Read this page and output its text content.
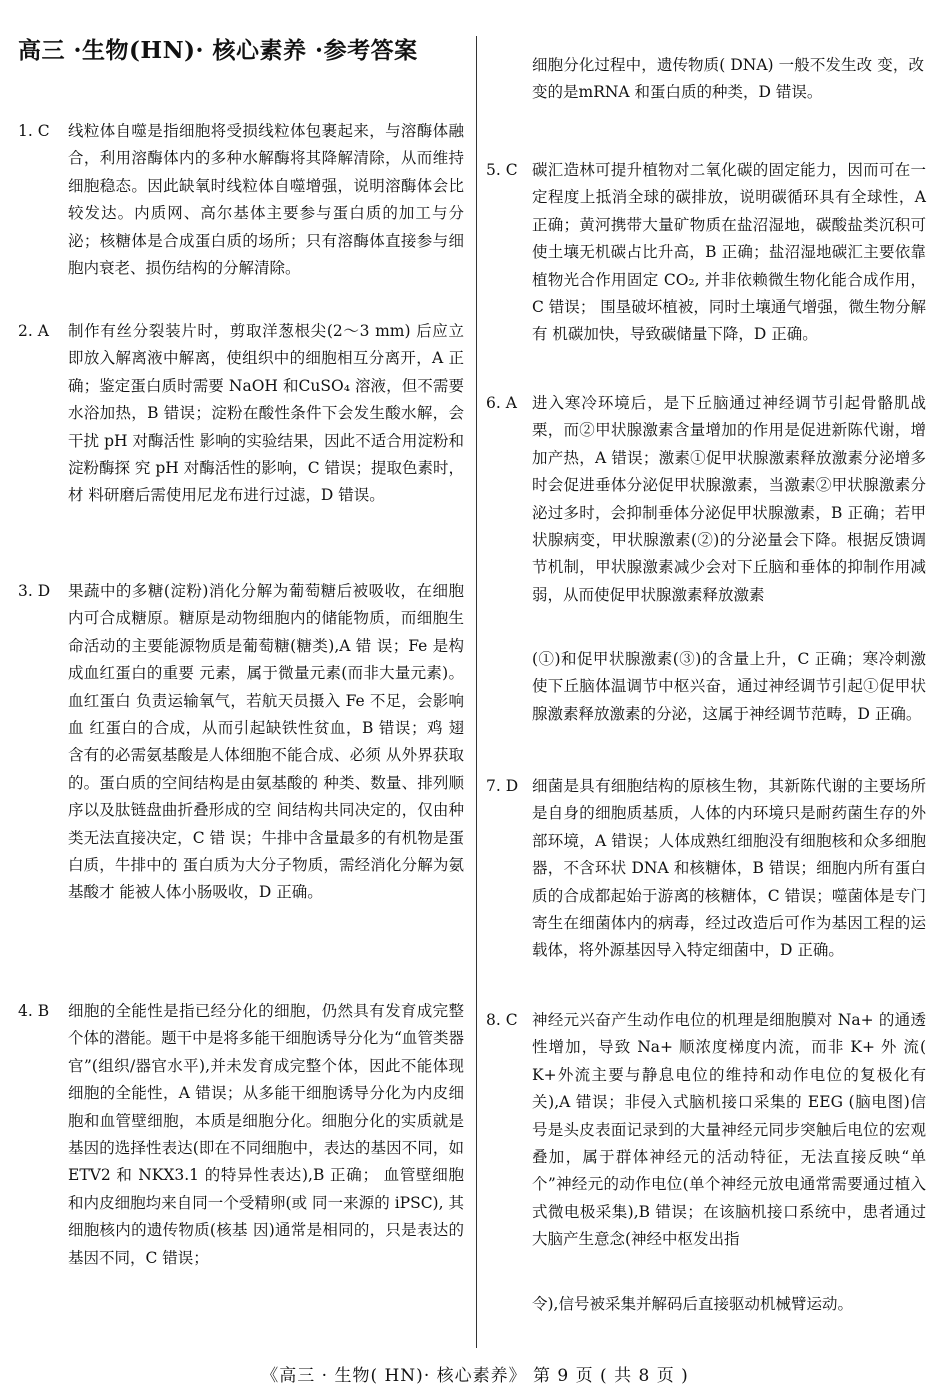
高三 ·生物(HN)· 核心素养 ·参考答案
1. C 线粒体自噬是指细胞将受损线粒体包裹起来，与溶酶体融合，利用溶酶体内的多种水解酶将其降解清除，从而维持细胞稳态。因此缺氧时线粒体自噬增强，说明溶酶体会比较发达。内质网、高尔基体主要参与蛋白质的加工与分泌；核糖体是合成蛋白质的场所；只有溶酶体直接参与细胞内衰老、损伤结构的分解清除。
2. A 制作有丝分裂装片时，剪取洋葱根尖(2～3 mm) 后应立即放入解离液中解离，使组织中的细胞相互分离开，A 正确；鉴定蛋白质时需要 NaOH 和CuSO₄ 溶液，但不需要水浴加热，B 错误；淀粉在酸性条件下会发生酸水解，会干扰 pH 对酶活性 影响的实验结果，因此不适合用淀粉和淀粉酶探 究 pH 对酶活性的影响，C 错误；提取色素时，材 料研磨后需使用尼龙布进行过滤，D 错误。
3. D 果蔬中的多糖(淀粉)消化分解为葡萄糖后被吸收，在细胞内可合成糖原。糖原是动物细胞内的储能物质，而细胞生命活动的主要能源物质是葡萄糖(糖类),A 错 误；Fe 是构成血红蛋白的重要 元素，属于微量元素(而非大量元素)。血红蛋白 负责运输氧气，若航天员摄入 Fe 不足，会影响血 红蛋白的合成，从而引起缺铁性贫血，B 错误；鸡 翅含有的必需氨基酸是人体细胞不能合成、必须 从外界获取的。蛋白质的空间结构是由氨基酸的 种类、数量、排列顺序以及肽链盘曲折叠形成的空 间结构共同决定的，仅由种类无法直接决定，C 错 误；牛排中含量最多的有机物是蛋白质，牛排中的 蛋白质为大分子物质，需经消化分解为氨基酸才 能被人体小肠吸收，D 正确。
4. B 细胞的全能性是指已经分化的细胞，仍然具有发育成完整个体的潜能。题干中是将多能干细胞诱导分化为“血管类器官”(组织/器官水平),并未发育成完整个体，因此不能体现细胞的全能性，A 错误；从多能干细胞诱导分化为内皮细胞和血管壁细胞，本质是细胞分化。细胞分化的实质就是基因的选择性表达(即在不同细胞中，表达的基因不同，如ETV2 和 NKX3.1 的特异性表达),B 正确； 血管壁细胞和内皮细胞均来自同一个受精卵(或 同一来源的 iPSC), 其细胞核内的遗传物质(核基 因)通常是相同的，只是表达的基因不同，C 错误；
细胞分化过程中，遗传物质( DNA) 一般不发生改 变，改变的是mRNA 和蛋白质的种类，D 错误。
5. C 碳汇造林可提升植物对二氧化碳的固定能力，因而可在一定程度上抵消全球的碳排放，说明碳循环具有全球性，A 正确；黄河携带大量矿物质在盐沼湿地，碳酸盐类沉积可使土壤无机碳占比升高，B 正确；盐沼湿地碳汇主要依靠植物光合作用固定 CO₂, 并非依赖微生物化能合成作用，C 错误； 围垦破坏植被，同时土壤通气增强，微生物分解有 机碳加快，导致碳储量下降，D 正确。
6. A 进入寒冷环境后，是下丘脑通过神经调节引起骨骼肌战栗，而②甲状腺激素含量增加的作用是促进新陈代谢，增加产热，A 错误；激素①促甲状腺激素释放激素分泌增多时会促进垂体分泌促甲状腺激素，当激素②甲状腺激素分泌过多时，会抑制垂体分泌促甲状腺激素，B 正确；若甲状腺病变，甲状腺激素(②)的分泌量会下降。根据反馈调节机制，甲状腺激素减少会对下丘脑和垂体的抑制作用减弱，从而使促甲状腺激素释放激素
(①)和促甲状腺激素(③)的含量上升，C 正确；寒冷刺激使下丘脑体温调节中枢兴奋，通过神经调节引起①促甲状腺激素释放激素的分泌，这属于神经调节范畴，D 正确。
7. D 细菌是具有细胞结构的原核生物，其新陈代谢的主要场所是自身的细胞质基质，人体的内环境只是耐药菌生存的外部环境，A 错误；人体成熟红细胞没有细胞核和众多细胞器，不含环状 DNA 和核糖体，B 错误；细胞内所有蛋白质的合成都起始于游离的核糖体，C 错误；噬菌体是专门寄生在细菌体内的病毒，经过改造后可作为基因工程的运载体，将外源基因导入特定细菌中，D 正确。
8. C 神经元兴奋产生动作电位的机理是细胞膜对 Na+ 的通透性增加，导致 Na+ 顺浓度梯度内流，而非 K+ 外 流( K+外流主要与静息电位的维持和动作电位的复极化有关),A 错误；非侵入式脑机接口采集的 EEG (脑电图)信号是头皮表面记录到的大量神经元同步突触后电位的宏观叠加，属于群体神经元的活动特征，无法直接反映“单个”神经元的动作电位(单个神经元放电通常需要通过植入式微电极采集),B 错误；在该脑机接口系统中，患者通过大脑产生意念(神经中枢发出指
令),信号被采集并解码后直接驱动机械臂运动。
《高三 · 生物( HN)· 核心素养》 第 9 页 ( 共 8 页 )
